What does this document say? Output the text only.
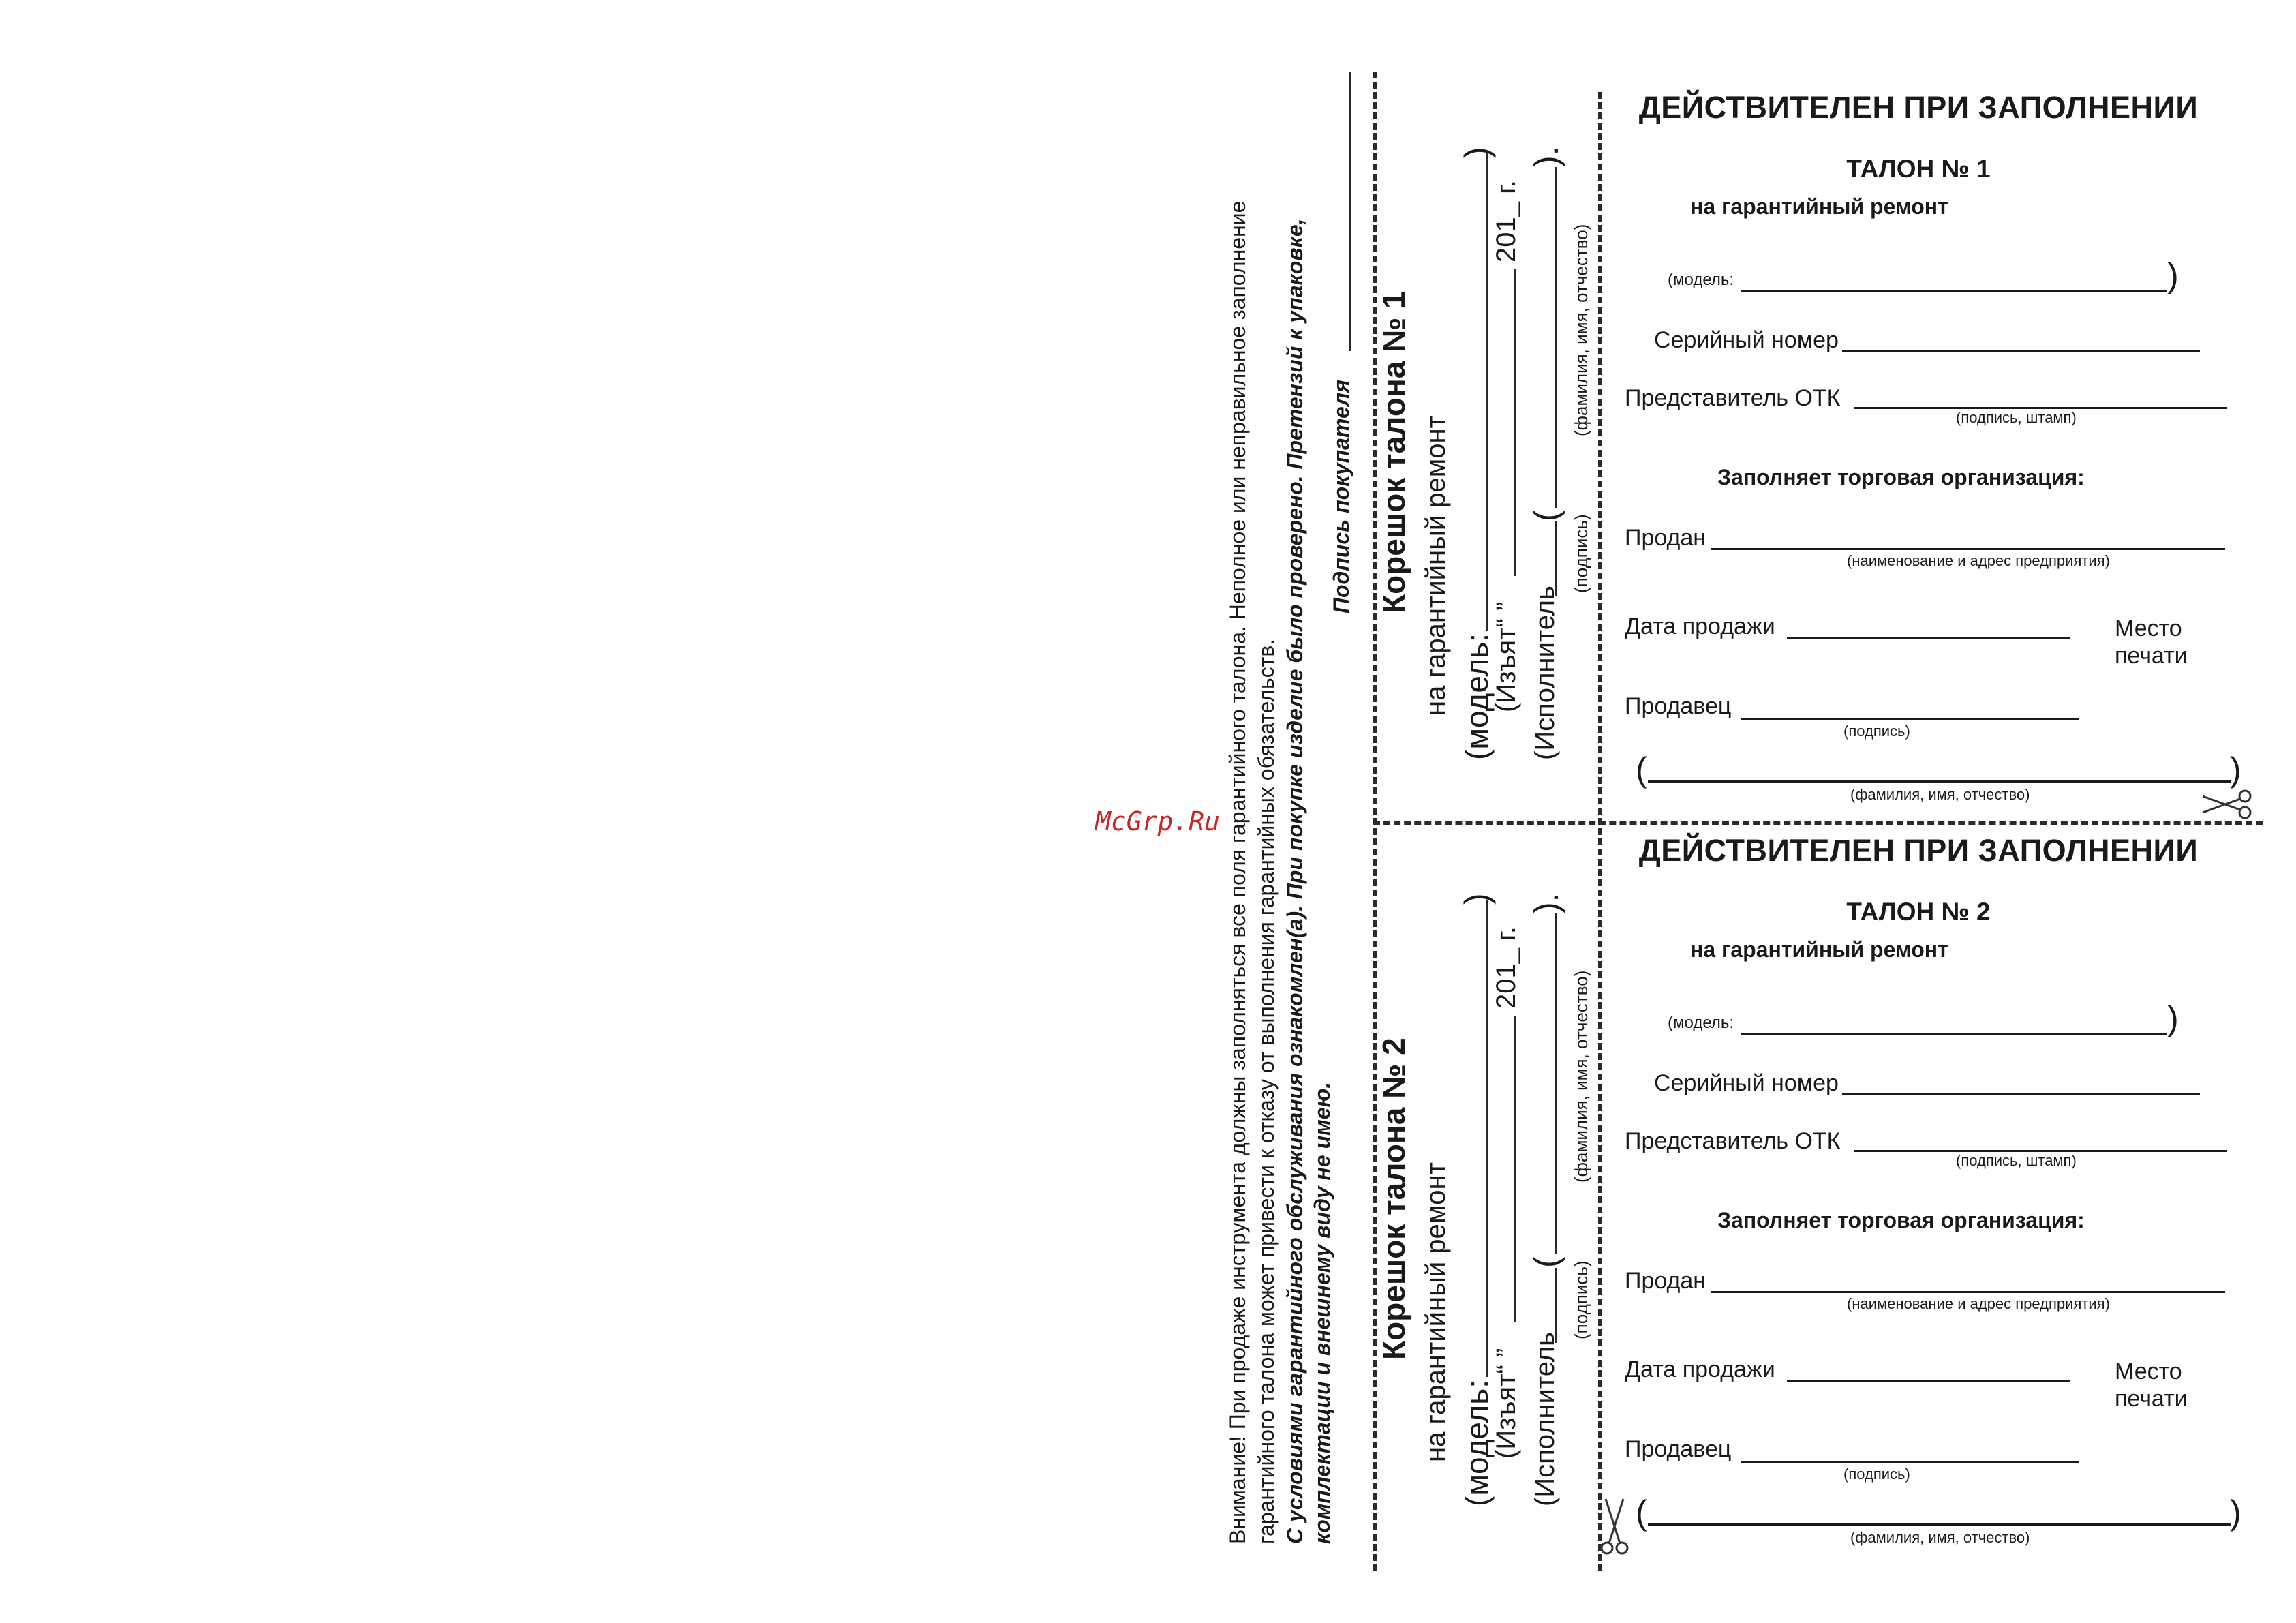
Внимание! При продаже инструмента должны заполняться все поля гарантийного талона. Неполное или неправильное заполнение гарантийного талона может привести к отказу от выполнения гарантийных обязательств. С условиями гарантийного обслуживания ознакомлен(а). При покупке изделие было проверено. Претензий к упаковке, комплектации и внешнему виду не имею.
Подпись покупателя Корешок талона № 1 на гарантийный ремонт (модель:
)
(Изъят“ ”
201_ г.
(Исполнитель
(
).
(подпись)
(фамилия, имя, отчество)
Корешок талона № 2 на гарантийный ремонт (модель:
)
(Изъят“ ”
201_ г.
(Исполнитель
(
).
(подпись)
(фамилия, имя, отчество)
ДЕЙСТВИТЕЛЕН ПРИ ЗАПОЛНЕНИИ
ТАЛОН № 1
на гарантийный ремонт
(модель:	)
Серийный номер
Представитель ОТК
(подпись, штамп)
Заполняет торговая организация:
Продан
(наименование и адрес предприятия)
Дата продажи	Место
печати
Продавец
(подпись)
(	)
(фамилия, имя, отчество)
ДЕЙСТВИТЕЛЕН ПРИ ЗАПОЛНЕНИИ
ТАЛОН № 2
на гарантийный ремонт
(модель:	)
Серийный номер
Представитель ОТК
(подпись, штамп)
Заполняет торговая организация:
Продан
(наименование и адрес предприятия)
Дата продажи	Место
печати
Продавец
(подпись)
(	)
(фамилия, имя, отчество)
McGrp.Ru
